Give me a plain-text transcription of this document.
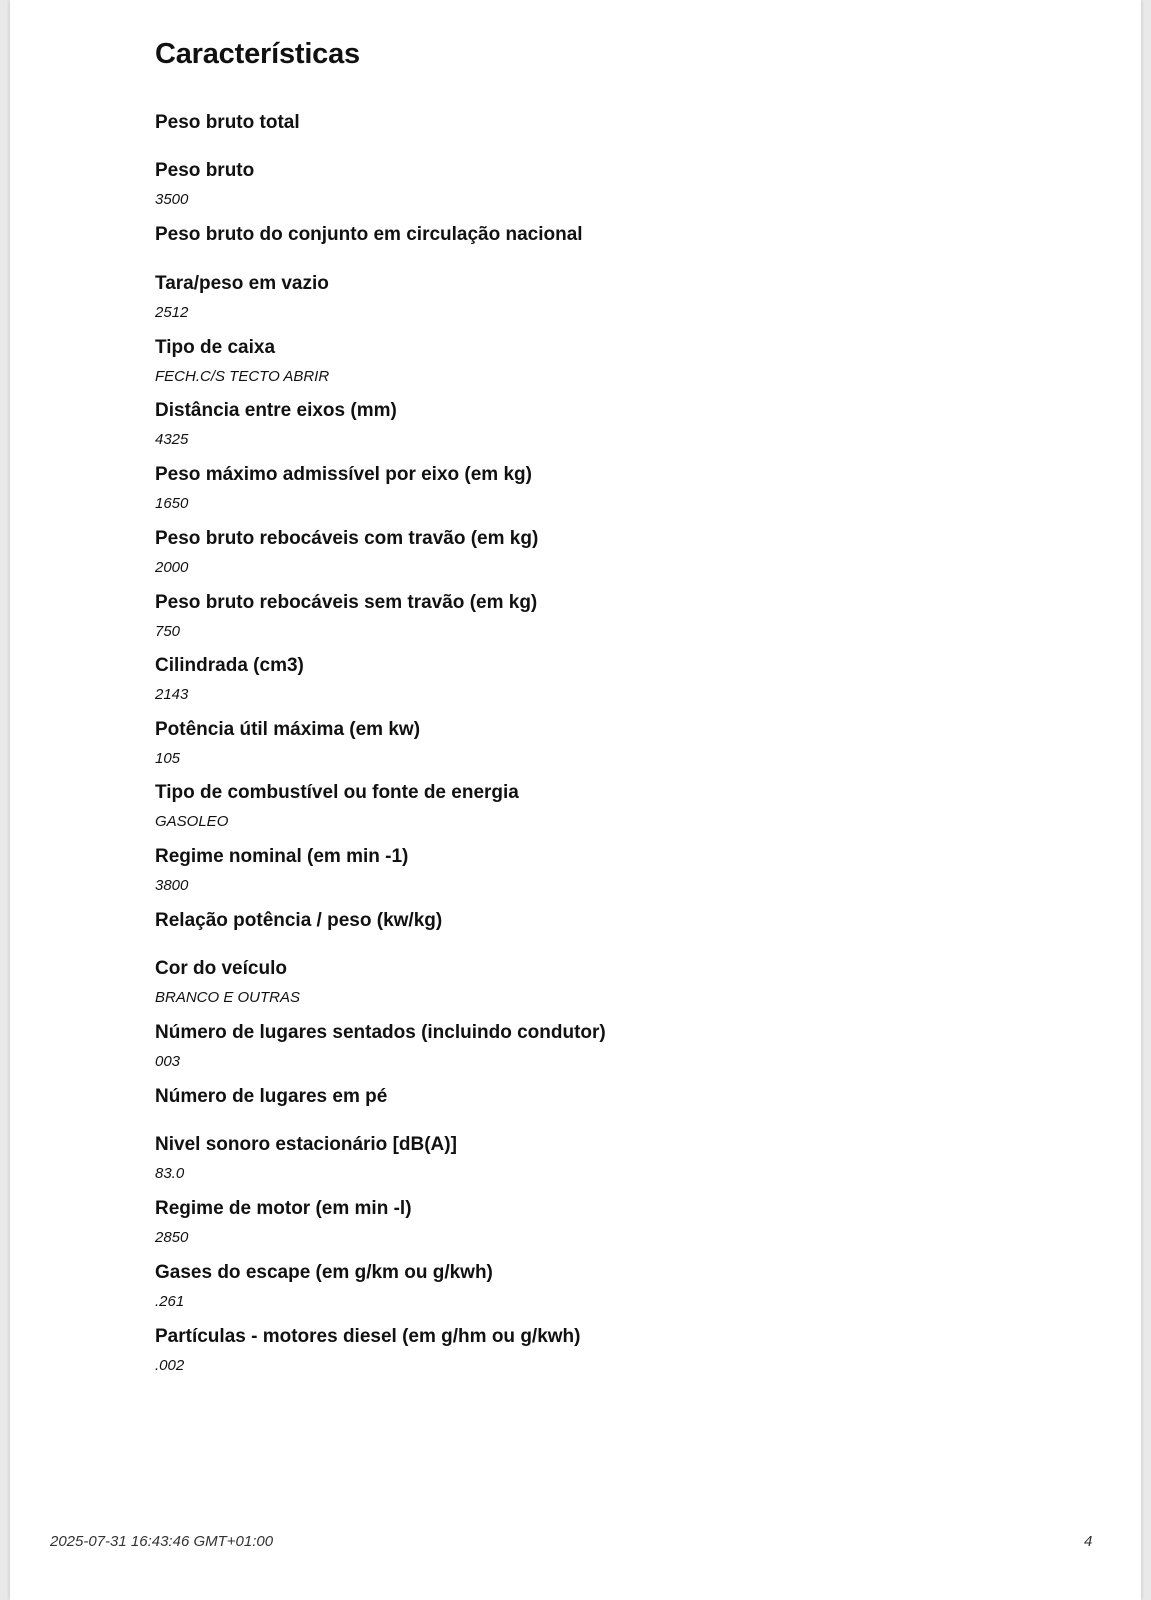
Características
Peso bruto total
Peso bruto
3500
Peso bruto do conjunto em circulação nacional
Tara/peso em vazio
2512
Tipo de caixa
FECH.C/S TECTO ABRIR
Distância entre eixos (mm)
4325
Peso máximo admissível por eixo (em kg)
1650
Peso bruto rebocáveis com travão (em kg)
2000
Peso bruto rebocáveis sem travão (em kg)
750
Cilindrada (cm3)
2143
Potência útil máxima (em kw)
105
Tipo de combustível ou fonte de energia
GASOLEO
Regime nominal (em min -1)
3800
Relação potência / peso (kw/kg)
Cor do veículo
BRANCO E OUTRAS
Número de lugares sentados (incluindo condutor)
003
Número de lugares em pé
Nivel sonoro estacionário [dB(A)]
83.0
Regime de motor (em min -l)
2850
Gases do escape (em g/km ou g/kwh)
.261
Partículas - motores diesel (em g/hm ou g/kwh)
.002
2025-07-31 16:43:46 GMT+01:00	4
